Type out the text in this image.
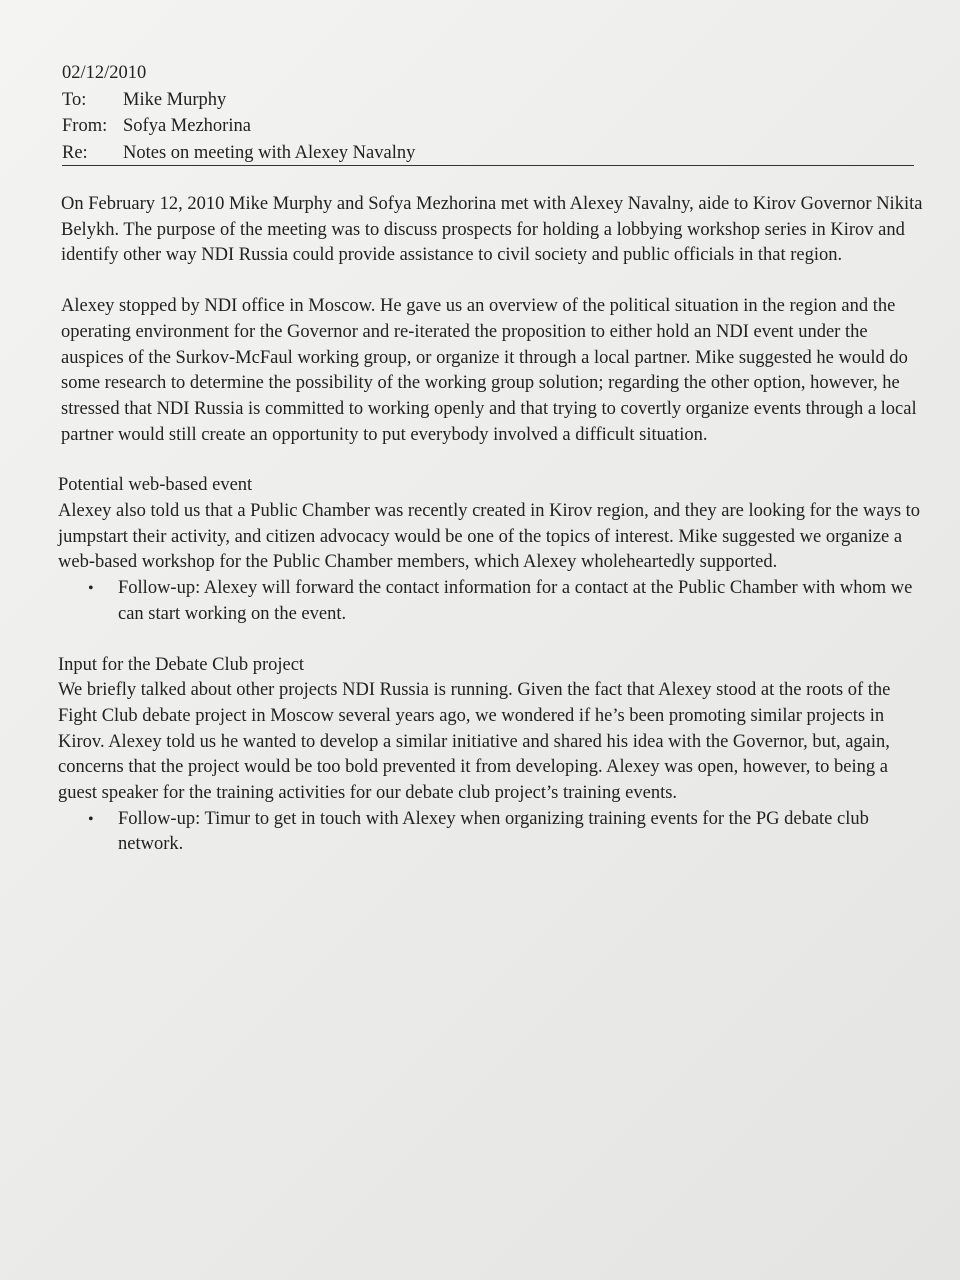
02/12/2010
To:	Mike Murphy
From: Sofya Mezhorina
Re:	Notes on meeting with Alexey Navalny

On February 12, 2010 Mike Murphy and Sofya Mezhorina met with Alexey Navalny, aide to Kirov Governor Nikita Belykh. The purpose of the meeting was to discuss prospects for holding a lobbying workshop series in Kirov and identify other way NDI Russia could provide assistance to civil society and public officials in that region.

Alexey stopped by NDI office in Moscow. He gave us an overview of the political situation in the region and the operating environment for the Governor and re-iterated the proposition to either hold an NDI event under the auspices of the Surkov-McFaul working group, or organize it through a local partner. Mike suggested he would do some research to determine the possibility of the working group solution; regarding the other option, however, he stressed that NDI Russia is committed to working openly and that trying to covertly organize events through a local partner would still create an opportunity to put everybody involved a difficult situation.

Potential web-based event

Alexey also told us that a Public Chamber was recently created in Kirov region, and they are looking for the ways to jumpstart their activity, and citizen advocacy would be one of the topics of interest. Mike suggested we organize a web-based workshop for the Public Chamber members, which Alexey wholeheartedly supported.

•	Follow-up: Alexey will forward the contact information for a contact at the Public Chamber with whom we can start working on the event.

Input for the Debate Club project

We briefly talked about other projects NDI Russia is running. Given the fact that Alexey stood at the roots of the Fight Club debate project in Moscow several years ago, we wondered if he’s been promoting similar projects in Kirov. Alexey told us he wanted to develop a similar initiative and shared his idea with the Governor, but, again, concerns that the project would be too bold prevented it from developing. Alexey was open, however, to being a guest speaker for the training activities for our debate club project’s training events.

•	Follow-up: Timur to get in touch with Alexey when organizing training events for the PG debate club network.
